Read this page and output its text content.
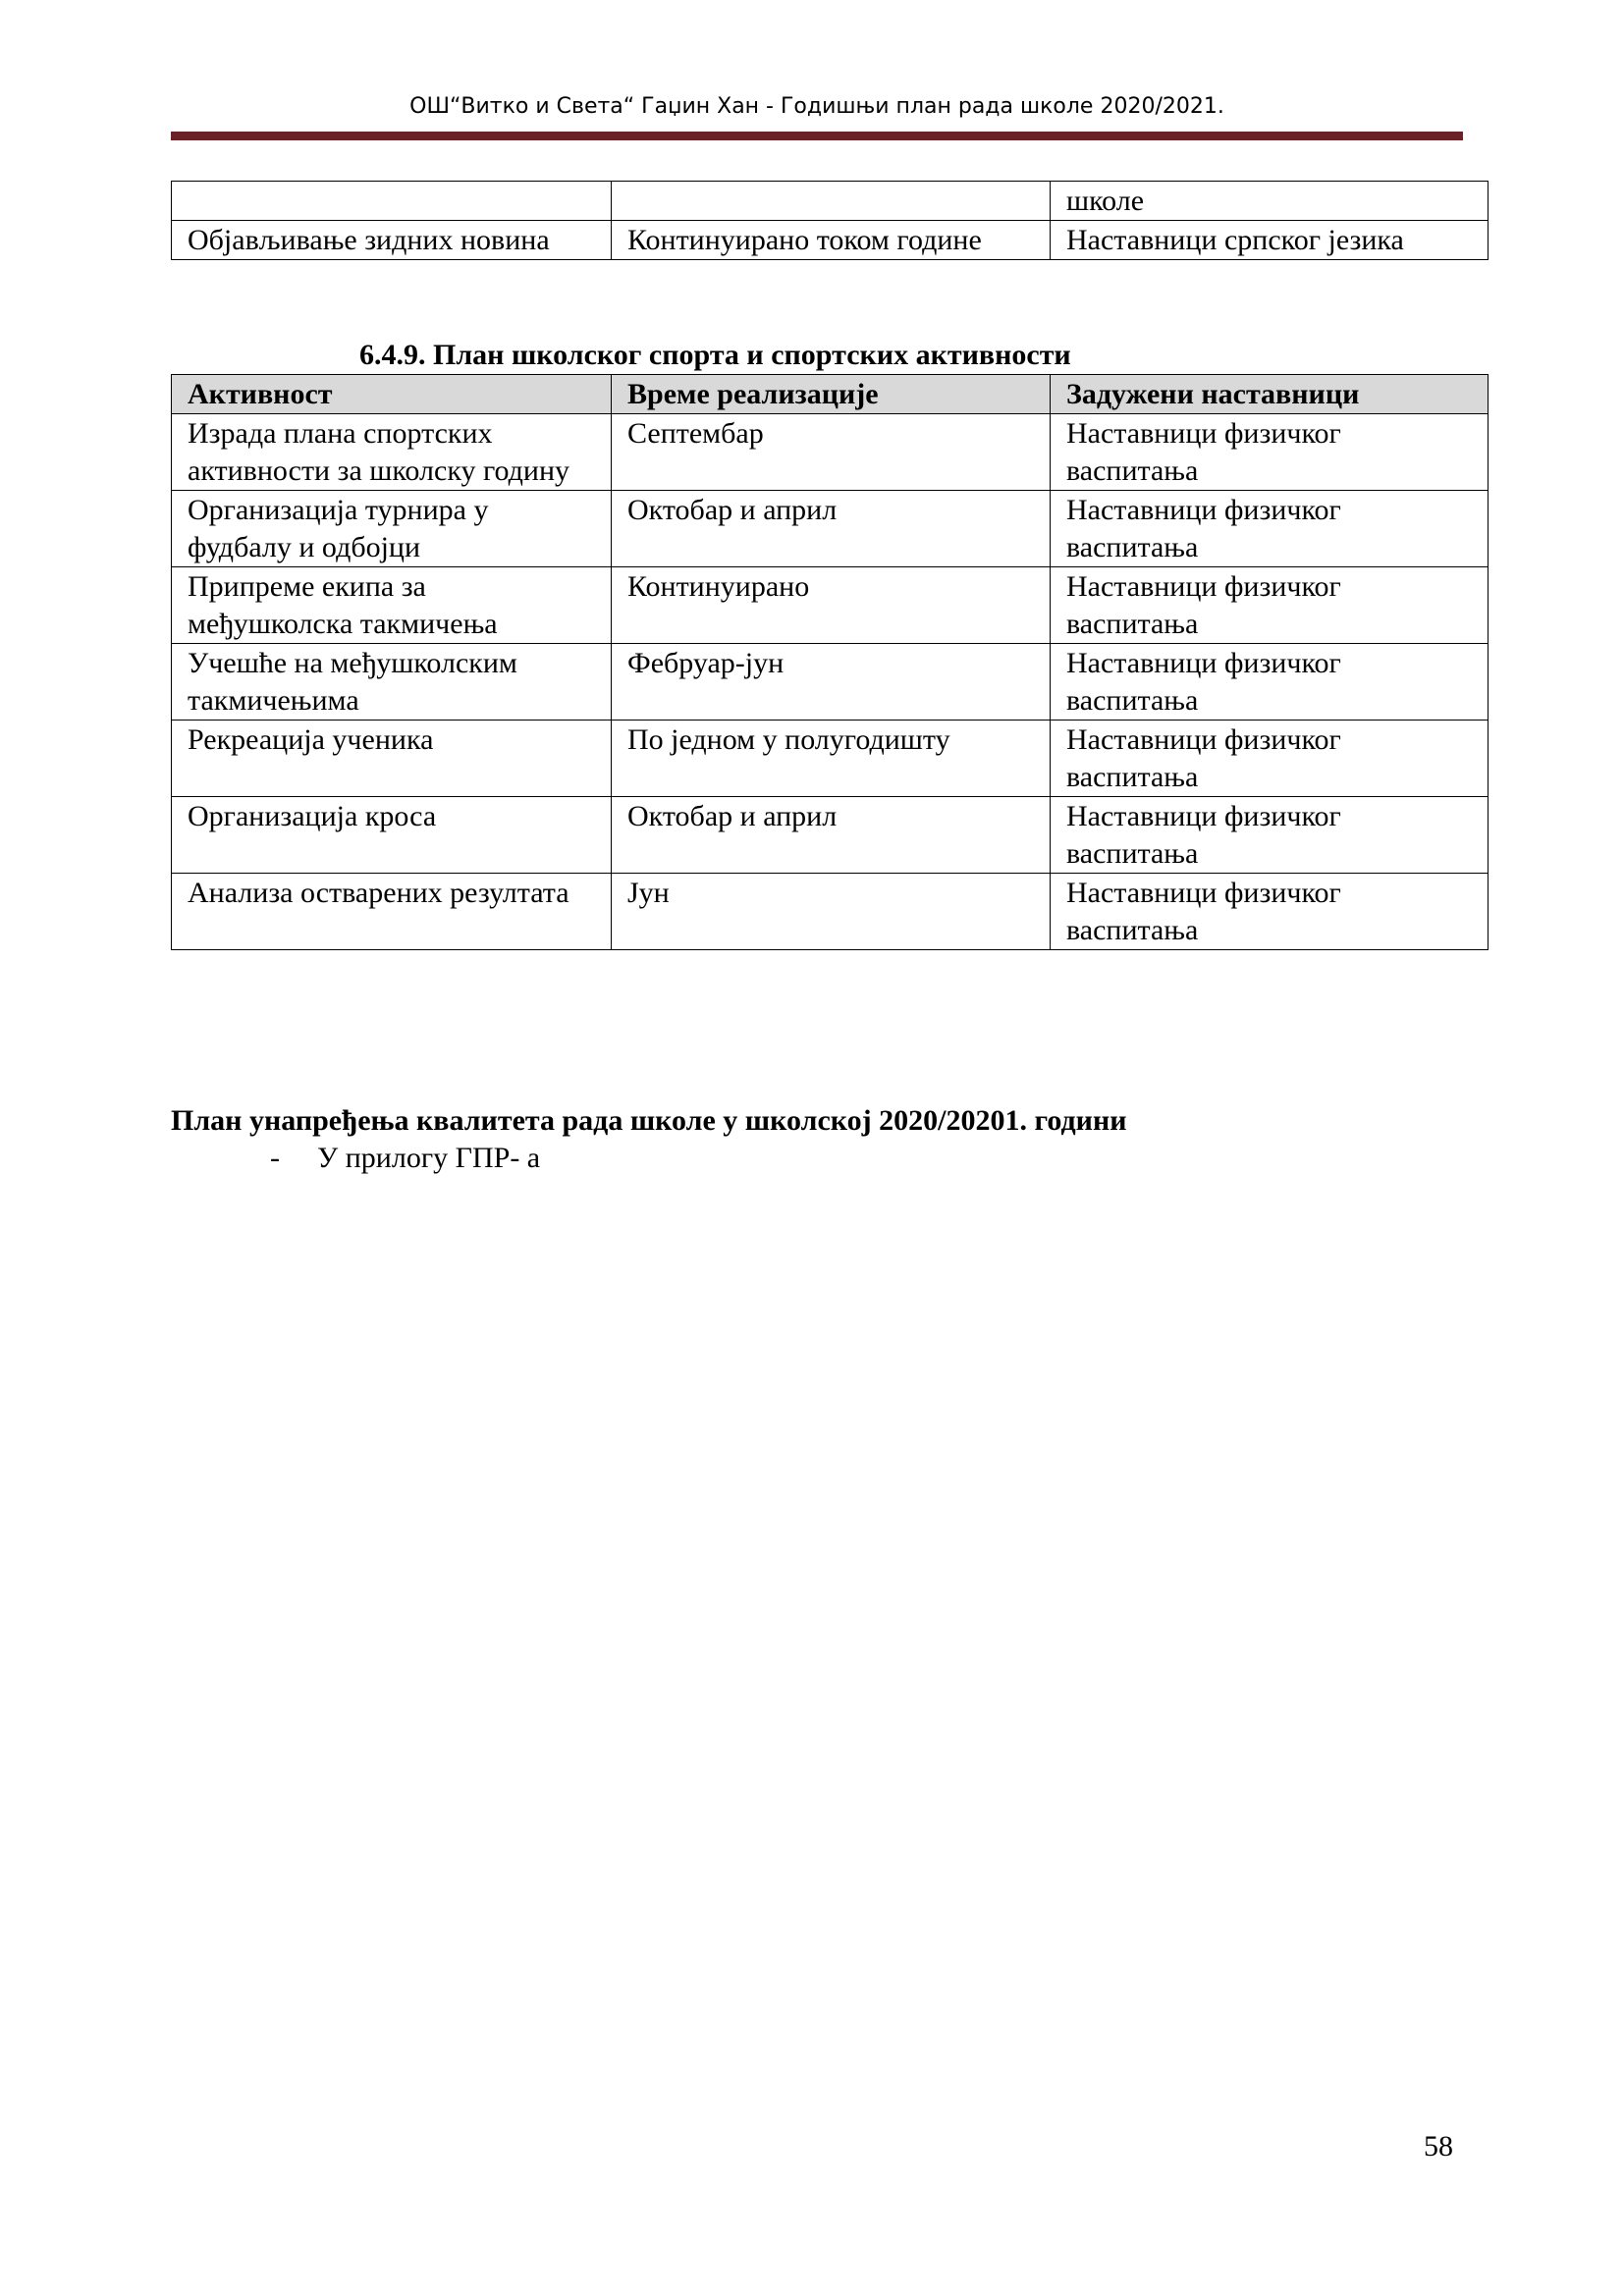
ОШ“Витко и Света“ Гаџин Хан - Годишњи план рада школе 2020/2021.
		школе
Објављивање зидних новина	Континуирано током године	Наставници српског језика
6.4.9. План школског спорта и спортских активности
Активност	Време реализације	Задужени наставници
Израда плана спортских активности за школску годину	Септембар	Наставници физичког васпитања
Организација турнира у фудбалу и одбојци	Октобар и април	Наставници физичког васпитања
Припреме екипа за међушколска такмичења	Континуирано	Наставници физичког васпитања
Учешће на међушколским такмичењима	Фебруар-јун	Наставници физичког васпитања
Рекреација ученика	По једном у полугодишту	Наставници физичког васпитања
Организација кроса	Октобар и април	Наставници физичког васпитања
Анализа остварених резултата	Јун	Наставници физичког васпитања
План унапређења квалитета рада школе у школској 2020/20201. години
- У прилогу ГПР- а
58
